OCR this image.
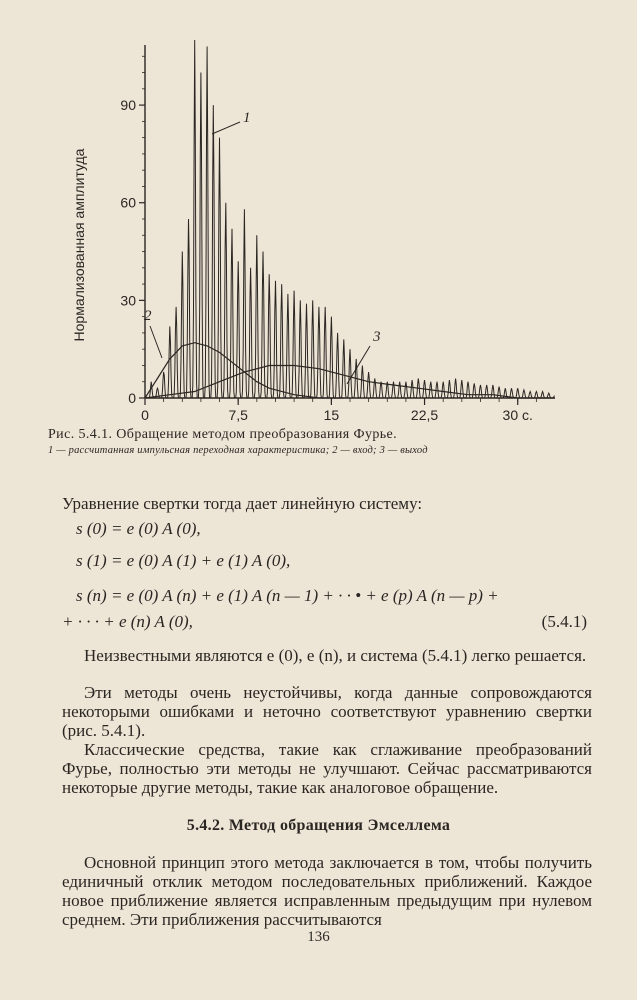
Нормализованная амплитуда
0
30
60
90
0	7,5	15	22,5	30 с.
1
2
3
Рис. 5.4.1. Обращение методом преобразования Фурье.
1 — рассчитанная импульсная переходная характеристика; 2 — вход; 3 — выход
Уравнение свертки тогда дает линейную систему:
s (0) = e (0) A (0),
s (1) = e (0) A (1) + e (1) A (0),
s (n) = e (0) A (n) + e (1) A (n — 1) + · · • + e (p) A (n — p) +
+ · · · + e (n) A (0),	(5.4.1)
Неизвестными являются e (0), e (n), и система (5.4.1) легко решается.
Эти методы очень неустойчивы, когда данные сопровождаются некоторыми ошибками и неточно соответствуют уравнению свертки (рис. 5.4.1).
Классические средства, такие как сглаживание преобразований Фурье, полностью эти методы не улучшают. Сейчас рассматриваются некоторые другие методы, такие как аналоговое обращение.
5.4.2. Метод обращения Эмселлема
Основной принцип этого метода заключается в том, чтобы получить единичный отклик методом последовательных приближений. Каждое новое приближение является исправленным предыдущим при нулевом среднем. Эти приближения рассчитываются
136
